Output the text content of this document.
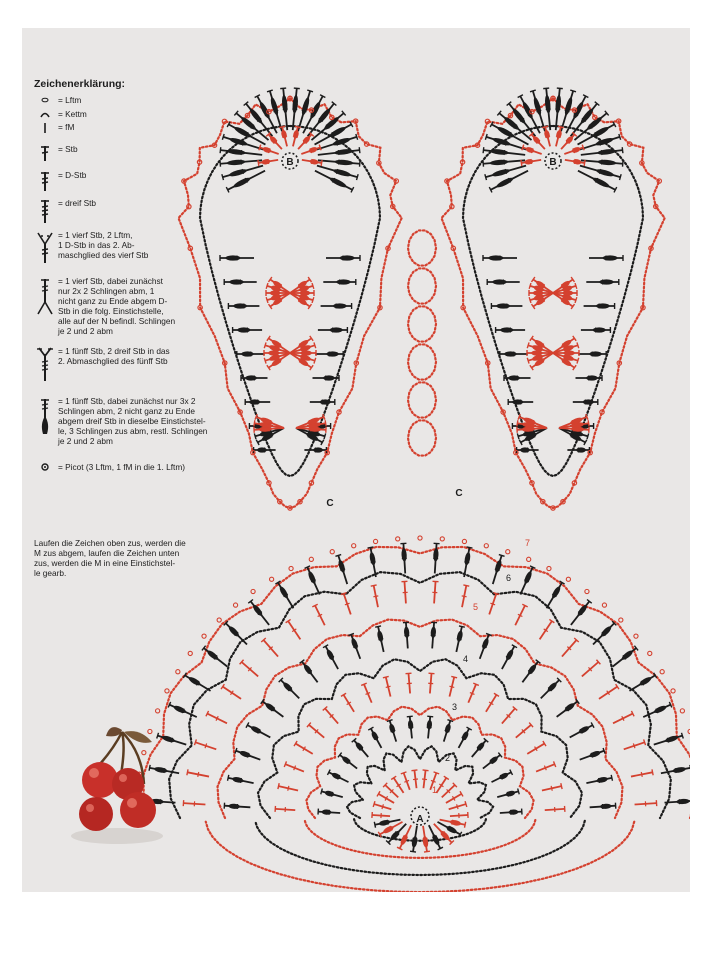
B	B
C
C
A
1
2
3
4
5
6
7
Zeichenerklärung:
= Lftm
= Kettm
= fM
= Stb
= D-Stb
= dreif Stb
= 1 vierf Stb, 2 Lftm,
1 D-Stb in das 2. Ab-
maschglied des vierf Stb
= 1 vierf Stb, dabei zunächst
nur 2x 2 Schlingen abm, 1
nicht ganz zu Ende abgem D-
Stb in die folg. Einstichstelle,
alle auf der N befindl. Schlingen
je 2 und 2 abm
= 1 fünff Stb, 2 dreif Stb in das
2. Abmaschglied des fünff Stb
= 1 fünff Stb, dabei zunächst nur 3x 2
Schlingen abm, 2 nicht ganz zu Ende
abgem dreif Stb in dieselbe Einstichstel-
le, 3 Schlingen zus abm, restl. Schlingen
je 2 und 2 abm
= Picot (3 Lftm, 1 fM in die 1. Lftm)
Laufen die Zeichen oben zus, werden die
M zus abgem, laufen die Zeichen unten
zus, werden die M in eine Einstichstel-
le gearb.
